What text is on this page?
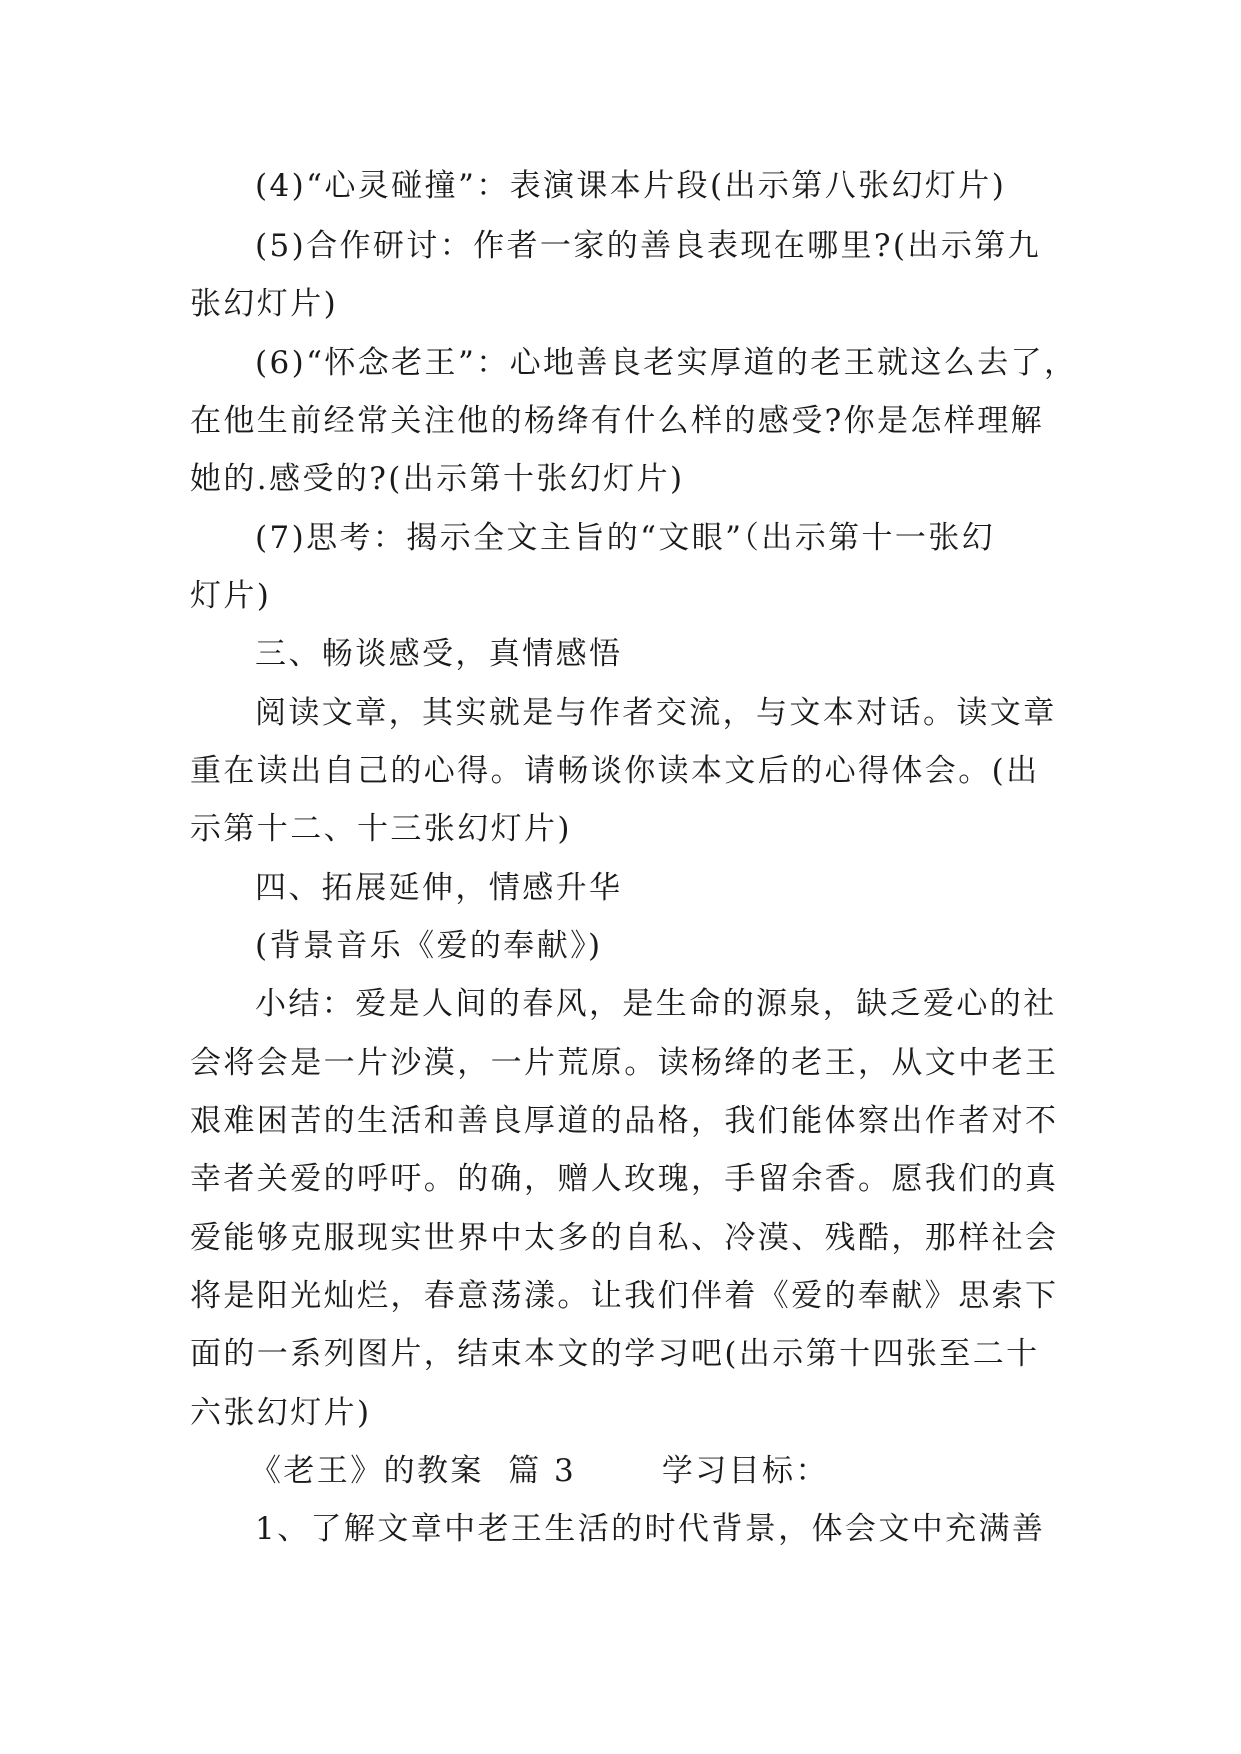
(4)“心灵碰撞”：表演课本片段(出示第八张幻灯片)
(5)合作研讨：作者一家的善良表现在哪里?(出示第九
张幻灯片)
(6)“怀念老王”：心地善良老实厚道的老王就这么去了，
在他生前经常关注他的杨绛有什么样的感受?你是怎样理解
她的.感受的?(出示第十张幻灯片)
(7)思考：揭示全文主旨的“文眼”（出示第十一张幻
灯片)
三、畅谈感受，真情感悟
阅读文章，其实就是与作者交流，与文本对话。读文章
重在读出自己的心得。请畅谈你读本文后的心得体会。(出
示第十二、十三张幻灯片)
四、拓展延伸，情感升华
(背景音乐《爱的奉献》)
小结：爱是人间的春风，是生命的源泉，缺乏爱心的社
会将会是一片沙漠，一片荒原。读杨绛的老王，从文中老王
艰难困苦的生活和善良厚道的品格，我们能体察出作者对不
幸者关爱的呼吁。的确，赠人玫瑰，手留余香。愿我们的真
爱能够克服现实世界中太多的自私、冷漠、残酷，那样社会
将是阳光灿烂，春意荡漾。让我们伴着《爱的奉献》思索下
面的一系列图片，结束本文的学习吧(出示第十四张至二十
六张幻灯片)
《老王》的教案  篇 3       学习目标：
1、了解文章中老王生活的时代背景，体会文中充满善
